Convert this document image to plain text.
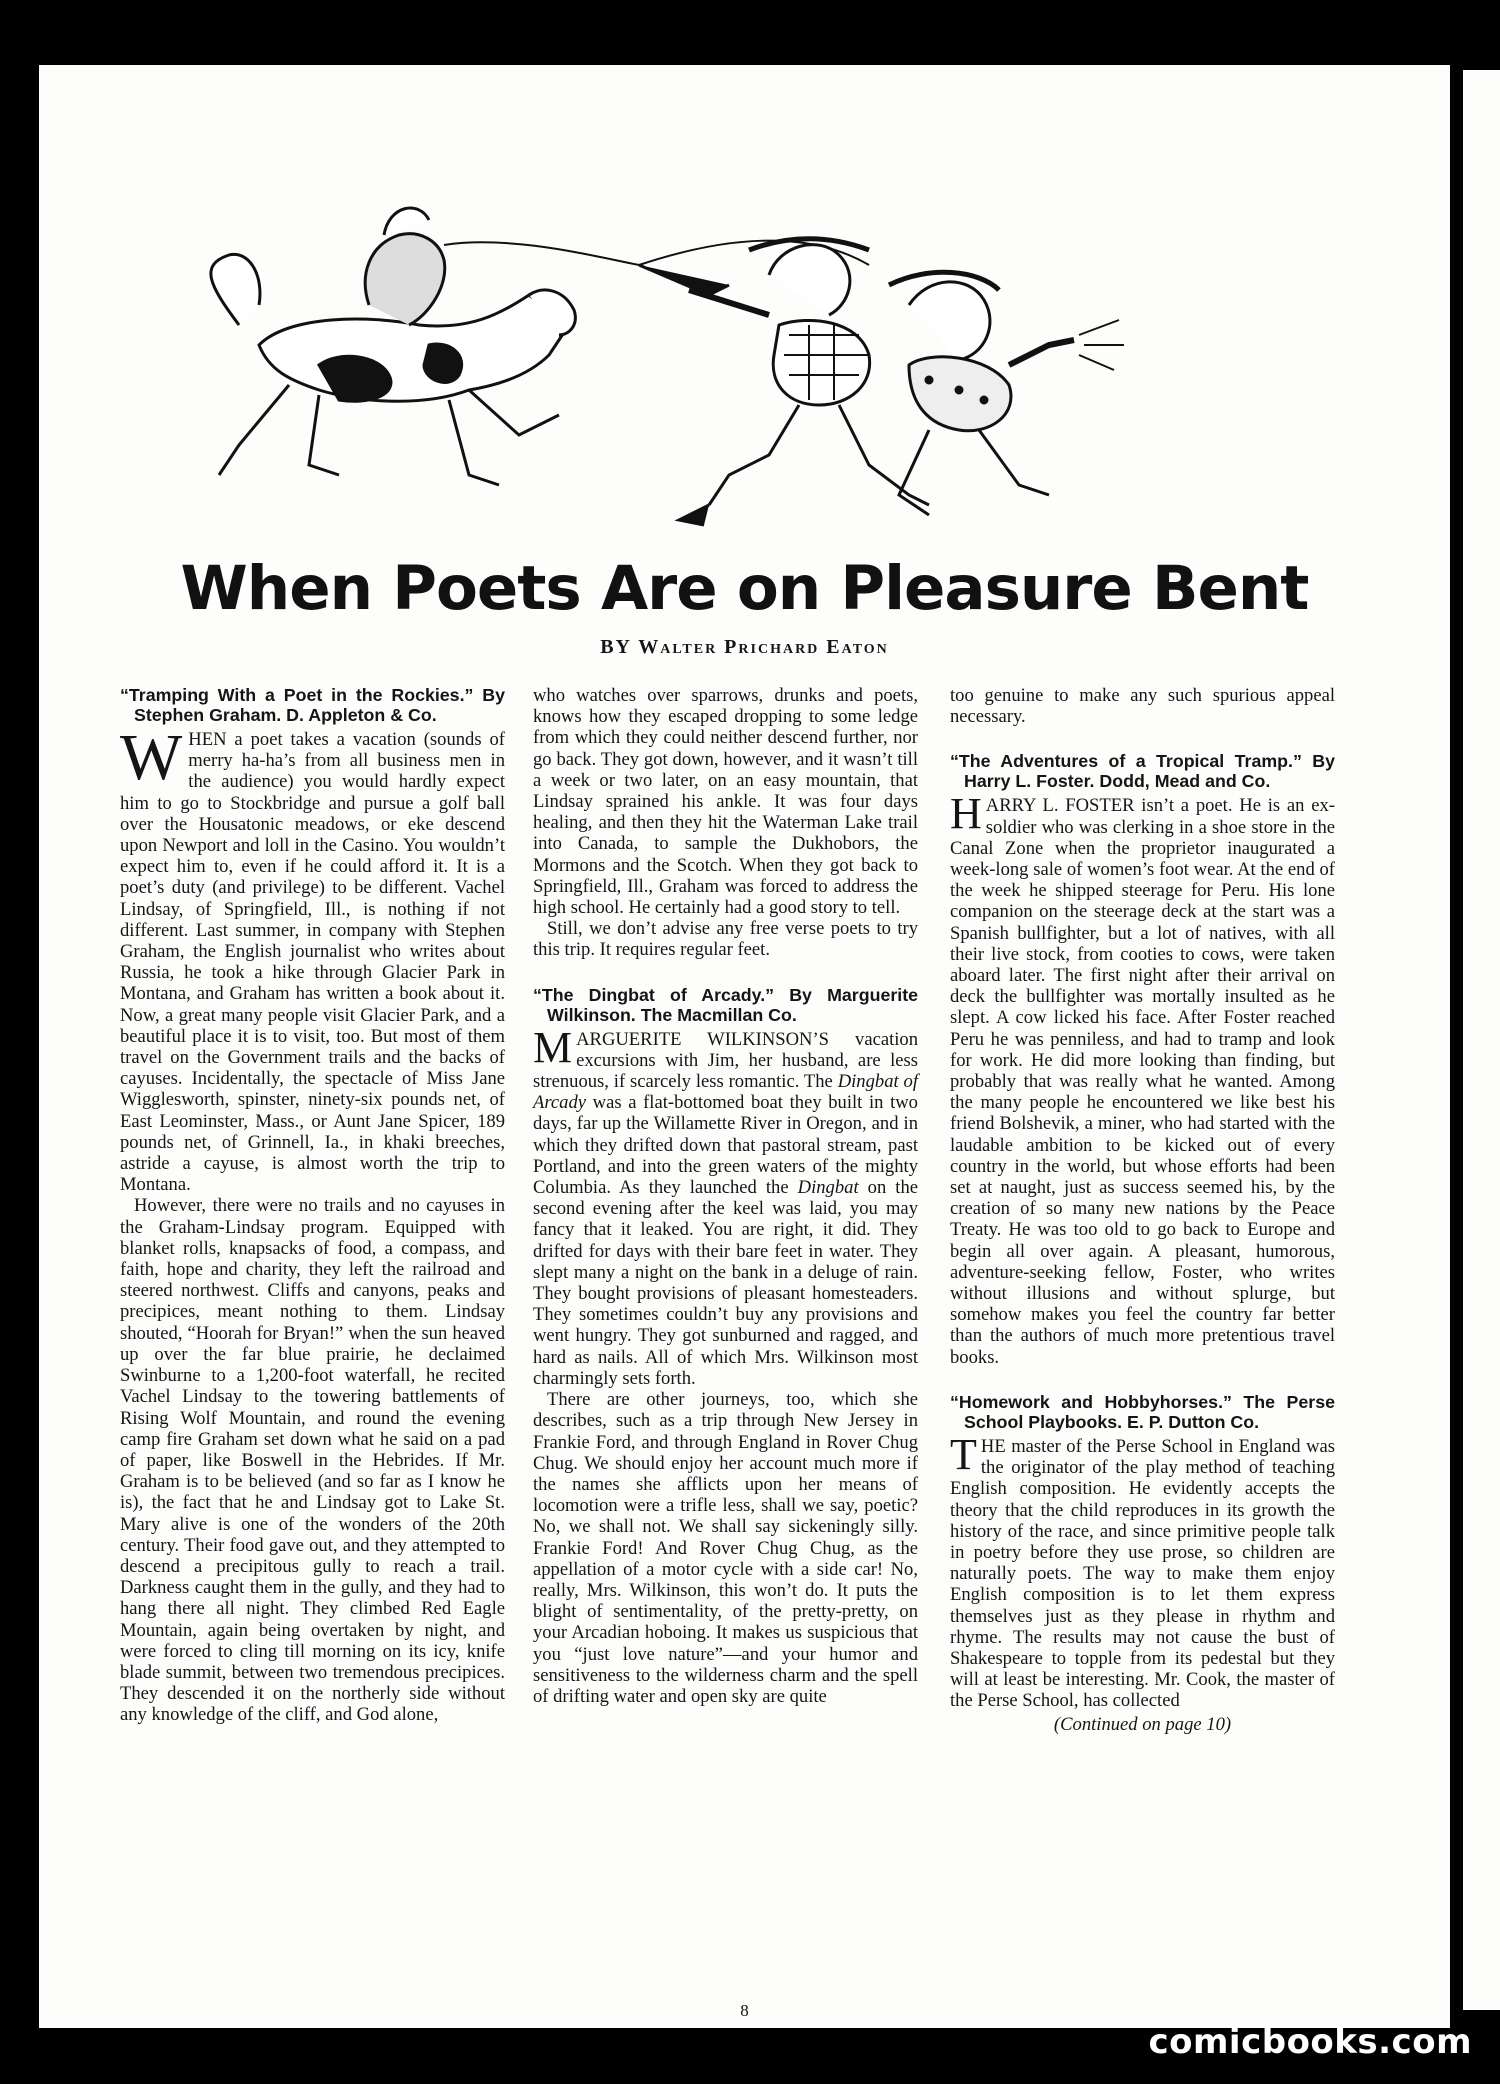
When Poets Are on Pleasure Bent
BY Walter Prichard Eaton
“Tramping With a Poet in the Rockies.” By Stephen Graham. D. Appleton & Co.

WHEN a poet takes a vacation (sounds of merry ha-ha’s from all business men in the audience) you would hardly expect him to go to Stockbridge and pursue a golf ball over the Housatonic meadows, or eke descend upon Newport and loll in the Casino. You wouldn’t expect him to, even if he could afford it. It is a poet’s duty (and privilege) to be different. Vachel Lindsay, of Springfield, Ill., is nothing if not different. Last summer, in company with Stephen Graham, the English journalist who writes about Russia, he took a hike through Glacier Park in Montana, and Graham has written a book about it. Now, a great many people visit Glacier Park, and a beautiful place it is to visit, too. But most of them travel on the Government trails and the backs of cayuses. Incidentally, the spectacle of Miss Jane Wigglesworth, spinster, ninety-six pounds net, of East Leominster, Mass., or Aunt Jane Spicer, 189 pounds net, of Grinnell, Ia., in khaki breeches, astride a cayuse, is almost worth the trip to Montana.

However, there were no trails and no cayuses in the Graham-Lindsay program. Equipped with blanket rolls, knapsacks of food, a compass, and faith, hope and charity, they left the railroad and steered northwest. Cliffs and canyons, peaks and precipices, meant nothing to them. Lindsay shouted, “Hoorah for Bryan!” when the sun heaved up over the far blue prairie, he declaimed Swinburne to a 1,200-foot waterfall, he recited Vachel Lindsay to the towering battlements of Rising Wolf Mountain, and round the evening camp fire Graham set down what he said on a pad of paper, like Boswell in the Hebrides. If Mr. Graham is to be believed (and so far as I know he is), the fact that he and Lindsay got to Lake St. Mary alive is one of the wonders of the 20th century. Their food gave out, and they attempted to descend a precipitous gully to reach a trail. Darkness caught them in the gully, and they had to hang there all night. They climbed Red Eagle Mountain, again being overtaken by night, and were forced to cling till morning on its icy, knife blade summit, between two tremendous precipices. They descended it on the northerly side without any knowledge of the cliff, and God alone,

who watches over sparrows, drunks and poets, knows how they escaped dropping to some ledge from which they could neither descend further, nor go back. They got down, however, and it wasn’t till a week or two later, on an easy mountain, that Lindsay sprained his ankle. It was four days healing, and then they hit the Waterman Lake trail into Canada, to sample the Dukhobors, the Mormons and the Scotch. When they got back to Springfield, Ill., Graham was forced to address the high school. He certainly had a good story to tell.

Still, we don’t advise any free verse poets to try this trip. It requires regular feet.

“The Dingbat of Arcady.” By Marguerite Wilkinson. The Macmillan Co.

MARGUERITE WILKINSON’S vacation excursions with Jim, her husband, are less strenuous, if scarcely less romantic. The Dingbat of Arcady was a flat-bottomed boat they built in two days, far up the Willamette River in Oregon, and in which they drifted down that pastoral stream, past Portland, and into the green waters of the mighty Columbia. As they launched the Dingbat on the second evening after the keel was laid, you may fancy that it leaked. You are right, it did. They drifted for days with their bare feet in water. They slept many a night on the bank in a deluge of rain. They bought provisions of pleasant homesteaders. They sometimes couldn’t buy any provisions and went hungry. They got sunburned and ragged, and hard as nails. All of which Mrs. Wilkinson most charmingly sets forth.

There are other journeys, too, which she describes, such as a trip through New Jersey in Frankie Ford, and through England in Rover Chug Chug. We should enjoy her account much more if the names she afflicts upon her means of locomotion were a trifle less, shall we say, poetic? No, we shall not. We shall say sickeningly silly. Frankie Ford! And Rover Chug Chug, as the appellation of a motor cycle with a side car! No, really, Mrs. Wilkinson, this won’t do. It puts the blight of sentimentality, of the pretty-pretty, on your Arcadian hoboing. It makes us suspicious that you “just love nature”—and your humor and sensitiveness to the wilderness charm and the spell of drifting water and open sky are quite

too genuine to make any such spurious appeal necessary.

“The Adventures of a Tropical Tramp.” By Harry L. Foster. Dodd, Mead and Co.

HARRY L. FOSTER isn’t a poet. He is an ex-soldier who was clerking in a shoe store in the Canal Zone when the proprietor inaugurated a week-long sale of women’s foot wear. At the end of the week he shipped steerage for Peru. His lone companion on the steerage deck at the start was a Spanish bullfighter, but a lot of natives, with all their live stock, from cooties to cows, were taken aboard later. The first night after their arrival on deck the bullfighter was mortally insulted as he slept. A cow licked his face. After Foster reached Peru he was penniless, and had to tramp and look for work. He did more looking than finding, but probably that was really what he wanted. Among the many people he encountered we like best his friend Bolshevik, a miner, who had started with the laudable ambition to be kicked out of every country in the world, but whose efforts had been set at naught, just as success seemed his, by the creation of so many new nations by the Peace Treaty. He was too old to go back to Europe and begin all over again. A pleasant, humorous, adventure-seeking fellow, Foster, who writes without illusions and without splurge, but somehow makes you feel the country far better than the authors of much more pretentious travel books.

“Homework and Hobbyhorses.” The Perse School Playbooks. E. P. Dutton Co.

THE master of the Perse School in England was the originator of the play method of teaching English composition. He evidently accepts the theory that the child reproduces in its growth the history of the race, and since primitive people talk in poetry before they use prose, so children are naturally poets. The way to make them enjoy English composition is to let them express themselves just as they please in rhythm and rhyme. The results may not cause the bust of Shakespeare to topple from its pedestal but they will at least be interesting. Mr. Cook, the master of the Perse School, has collected

(Continued on page 10)
8
comicbooks.com
